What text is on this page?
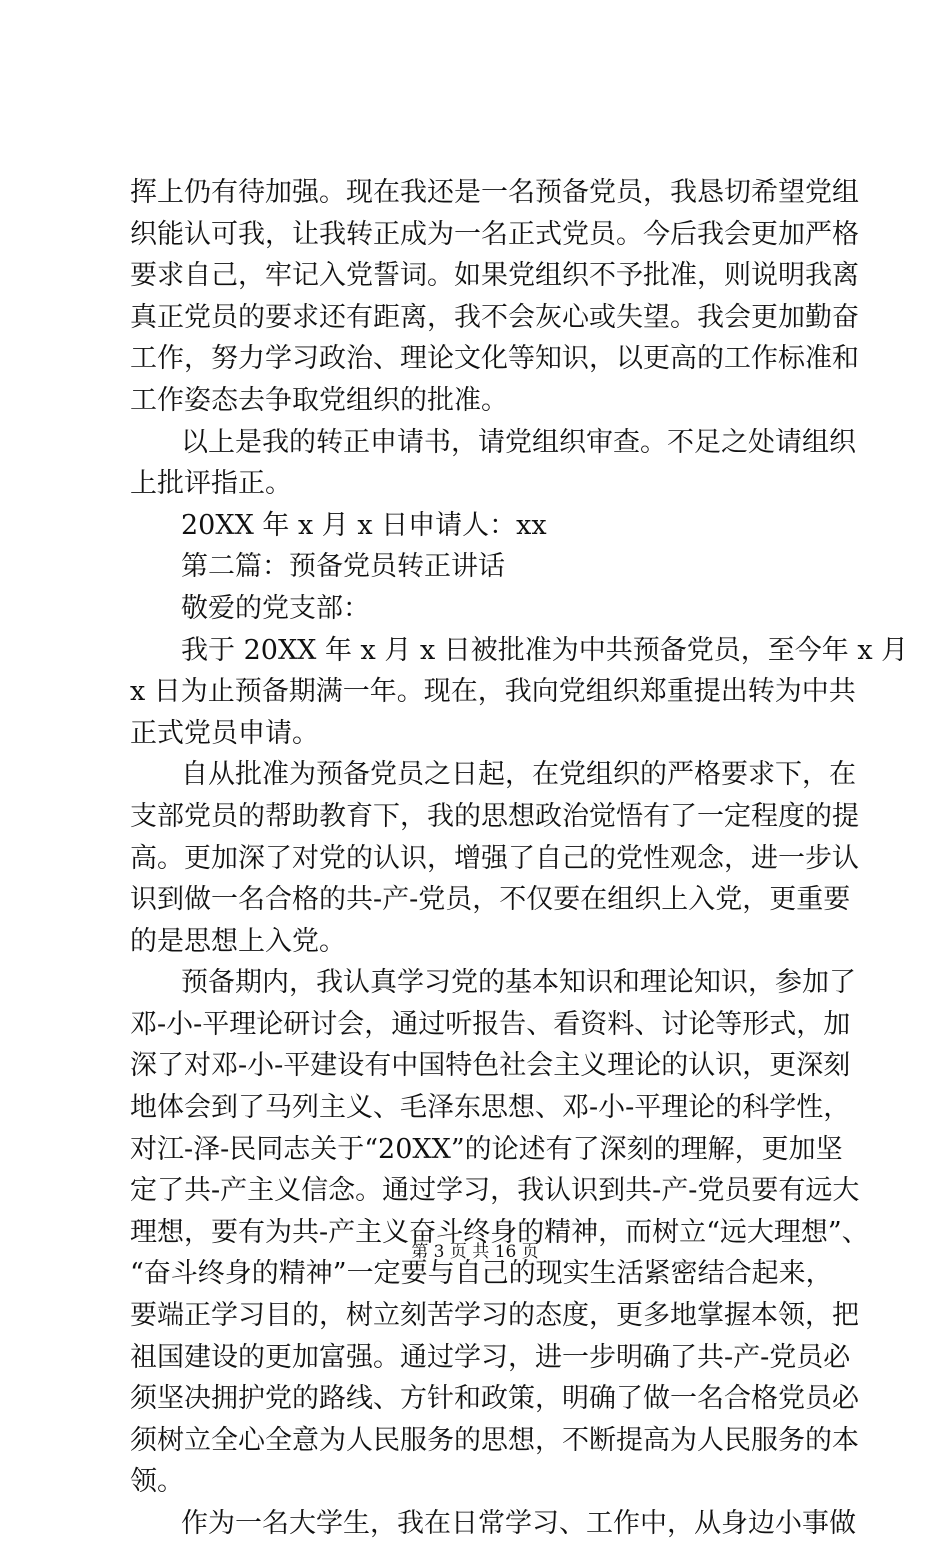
挥上仍有待加强。现在我还是一名预备党员，我恳切希望党组
织能认可我，让我转正成为一名正式党员。今后我会更加严格
要求自己，牢记入党誓词。如果党组织不予批准，则说明我离
真正党员的要求还有距离，我不会灰心或失望。我会更加勤奋
工作，努力学习政治、理论文化等知识，以更高的工作标准和
工作姿态去争取党组织的批准。
以上是我的转正申请书，请党组织审查。不足之处请组织
上批评指正。
20XX 年 x 月 x 日申请人：xx
第二篇：预备党员转正讲话
敬爱的党支部：
我于 20XX 年 x 月 x 日被批准为中共预备党员，至今年 x 月
x 日为止预备期满一年。现在，我向党组织郑重提出转为中共
正式党员申请。
自从批准为预备党员之日起，在党组织的严格要求下，在
支部党员的帮助教育下，我的思想政治觉悟有了一定程度的提
高。更加深了对党的认识，增强了自己的党性观念，进一步认
识到做一名合格的共-产-党员，不仅要在组织上入党，更重要
的是思想上入党。
预备期内，我认真学习党的基本知识和理论知识，参加了
邓-小-平理论研讨会，通过听报告、看资料、讨论等形式，加
深了对邓-小-平建设有中国特色社会主义理论的认识，更深刻
地体会到了马列主义、毛泽东思想、邓-小-平理论的科学性，
对江-泽-民同志关于“20XX”的论述有了深刻的理解，更加坚
定了共-产主义信念。通过学习，我认识到共-产-党员要有远大
理想，要有为共-产主义奋斗终身的精神，而树立“远大理想”、
“奋斗终身的精神”一定要与自己的现实生活紧密结合起来，
要端正学习目的，树立刻苦学习的态度，更多地掌握本领，把
祖国建设的更加富强。通过学习，进一步明确了共-产-党员必
须坚决拥护党的路线、方针和政策，明确了做一名合格党员必
须树立全心全意为人民服务的思想，不断提高为人民服务的本
领。
作为一名大学生，我在日常学习、工作中，从身边小事做
第 3 页 共 16 页
